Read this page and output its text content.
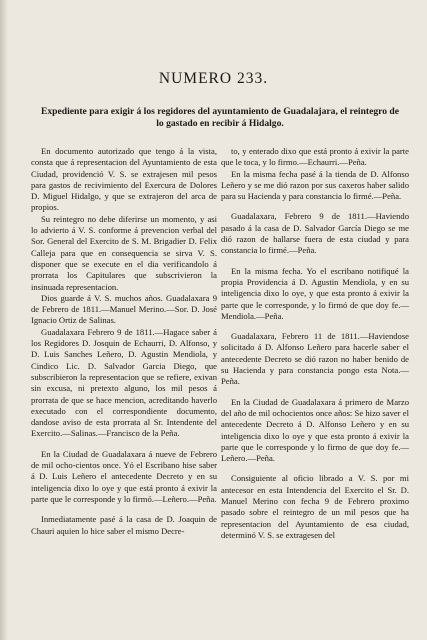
NUMERO 233.
Expediente para exigir á los regidores del ayuntamiento de Guadalajara, el reintegro de lo gastado en recibir á Hidalgo.

En documento autorizado que tengo á la vista, consta que á representacion del Ayuntamiento de esta Ciudad, providenció V. S. se extrajesen mil pesos para gastos de recivimiento del Exercura de Dolores D. Miguel Hidalgo, y que se extrajeron del arca de propios.

Su reintegro no debe diferirse un momento, y asi lo advierto á V. S. conforme á prevencion verbal del Sor. General del Exercito de S. M. Brigadier D. Felix Calleja para que en consequencia se sirva V. S. disponer que se execute en el dia verificandolo á prorrata los Capitulares que subscrivieron la insinuada representacion.

Dios guarde á V. S. muchos años. Guadalaxara 9 de Febrero de 1811.—Manuel Merino.—Sor. D. José Ignacio Ortiz de Salinas.

Guadalaxara Febrero 9 de 1811.—Hagace saber á los Regidores D. Josquin de Echaurri, D. Alfonso, y D. Luis Sanches Leñero, D. Agustin Mendiola, y Cindico Lic. D. Salvador Garcia Diego, que subscribieron la representacion que se refiere, exivan sin excusa, ni pretexto alguno, los mil pesos á prorrata de que se hace mencion, acreditando haverlo executado con el correspondiente documento, dandose aviso de esta prorrata al Sr. Intendente del Exercito.—Salinas.—Francisco de la Peña.

En la Ciudad de Guadalaxara á nueve de Febrero de mil ocho-cientos once. Yó el Escribano hise saber á D. Luis Leñero el antecedente Decreto y en su inteligencia dixo lo oye y que está pronto á exivir la parte que le corresponde y lo firmó.—Leñero.—Peña.

Inmediatamente pasé á la casa de D. Joaquin de Chauri aquien lo hice saber el mismo Decre-

to, y enterado dixo que está pronto á exivir la parte que le toca, y lo firmo.—Echaurri.—Peña.

En la misma fecha pasé á la tienda de D. Alfonso Leñero y se me dió razon por sus caxeros haber salido para su Hacienda y para constancia lo firmé.—Peña.

Guadalaxara, Febrero 9 de 1811.—Haviendo pasado á la casa de D. Salvador García Diego se me dió razon de hallarse fuera de esta ciudad y para constancia lo firmé.—Peña.

En la misma fecha. Yo el escribano notifiqué la propia Providencia á D. Agustin Mendiola, y en su inteligencia dixo lo oye, y que esta pronto á exivir la parte que le corresponde, y lo firmó de que doy fe.—Mendiola.—Peña.

Guadalaxara, Febrero 11 de 1811.—Haviendose solicitado á D. Alfonso Leñero para hacerle saber el antecedente Decreto se dió razon no haber benido de su Hacienda y para constancia pongo esta Nota.—Peña.

En la Ciudad de Guadalaxara á primero de Marzo del año de mil ochocientos once años: Se hizo saver el antecedente Decreto á D. Alfonso Leñero y en su inteligencia dixo lo oye y que esta pronto á exivir la parte que le corresponde y lo firmo de que doy fe.—Leñero.—Peña.

Consiguiente al oficio librado a V. S. por mi antecesor en esta Intendencia del Exercito el Sr. D. Manuel Merino con fecha 9 de Febrero proximo pasado sobre el reintegro de un mil pesos que ha representacion del Ayuntamiento de esa ciudad, determinó V. S. se extragesen del
